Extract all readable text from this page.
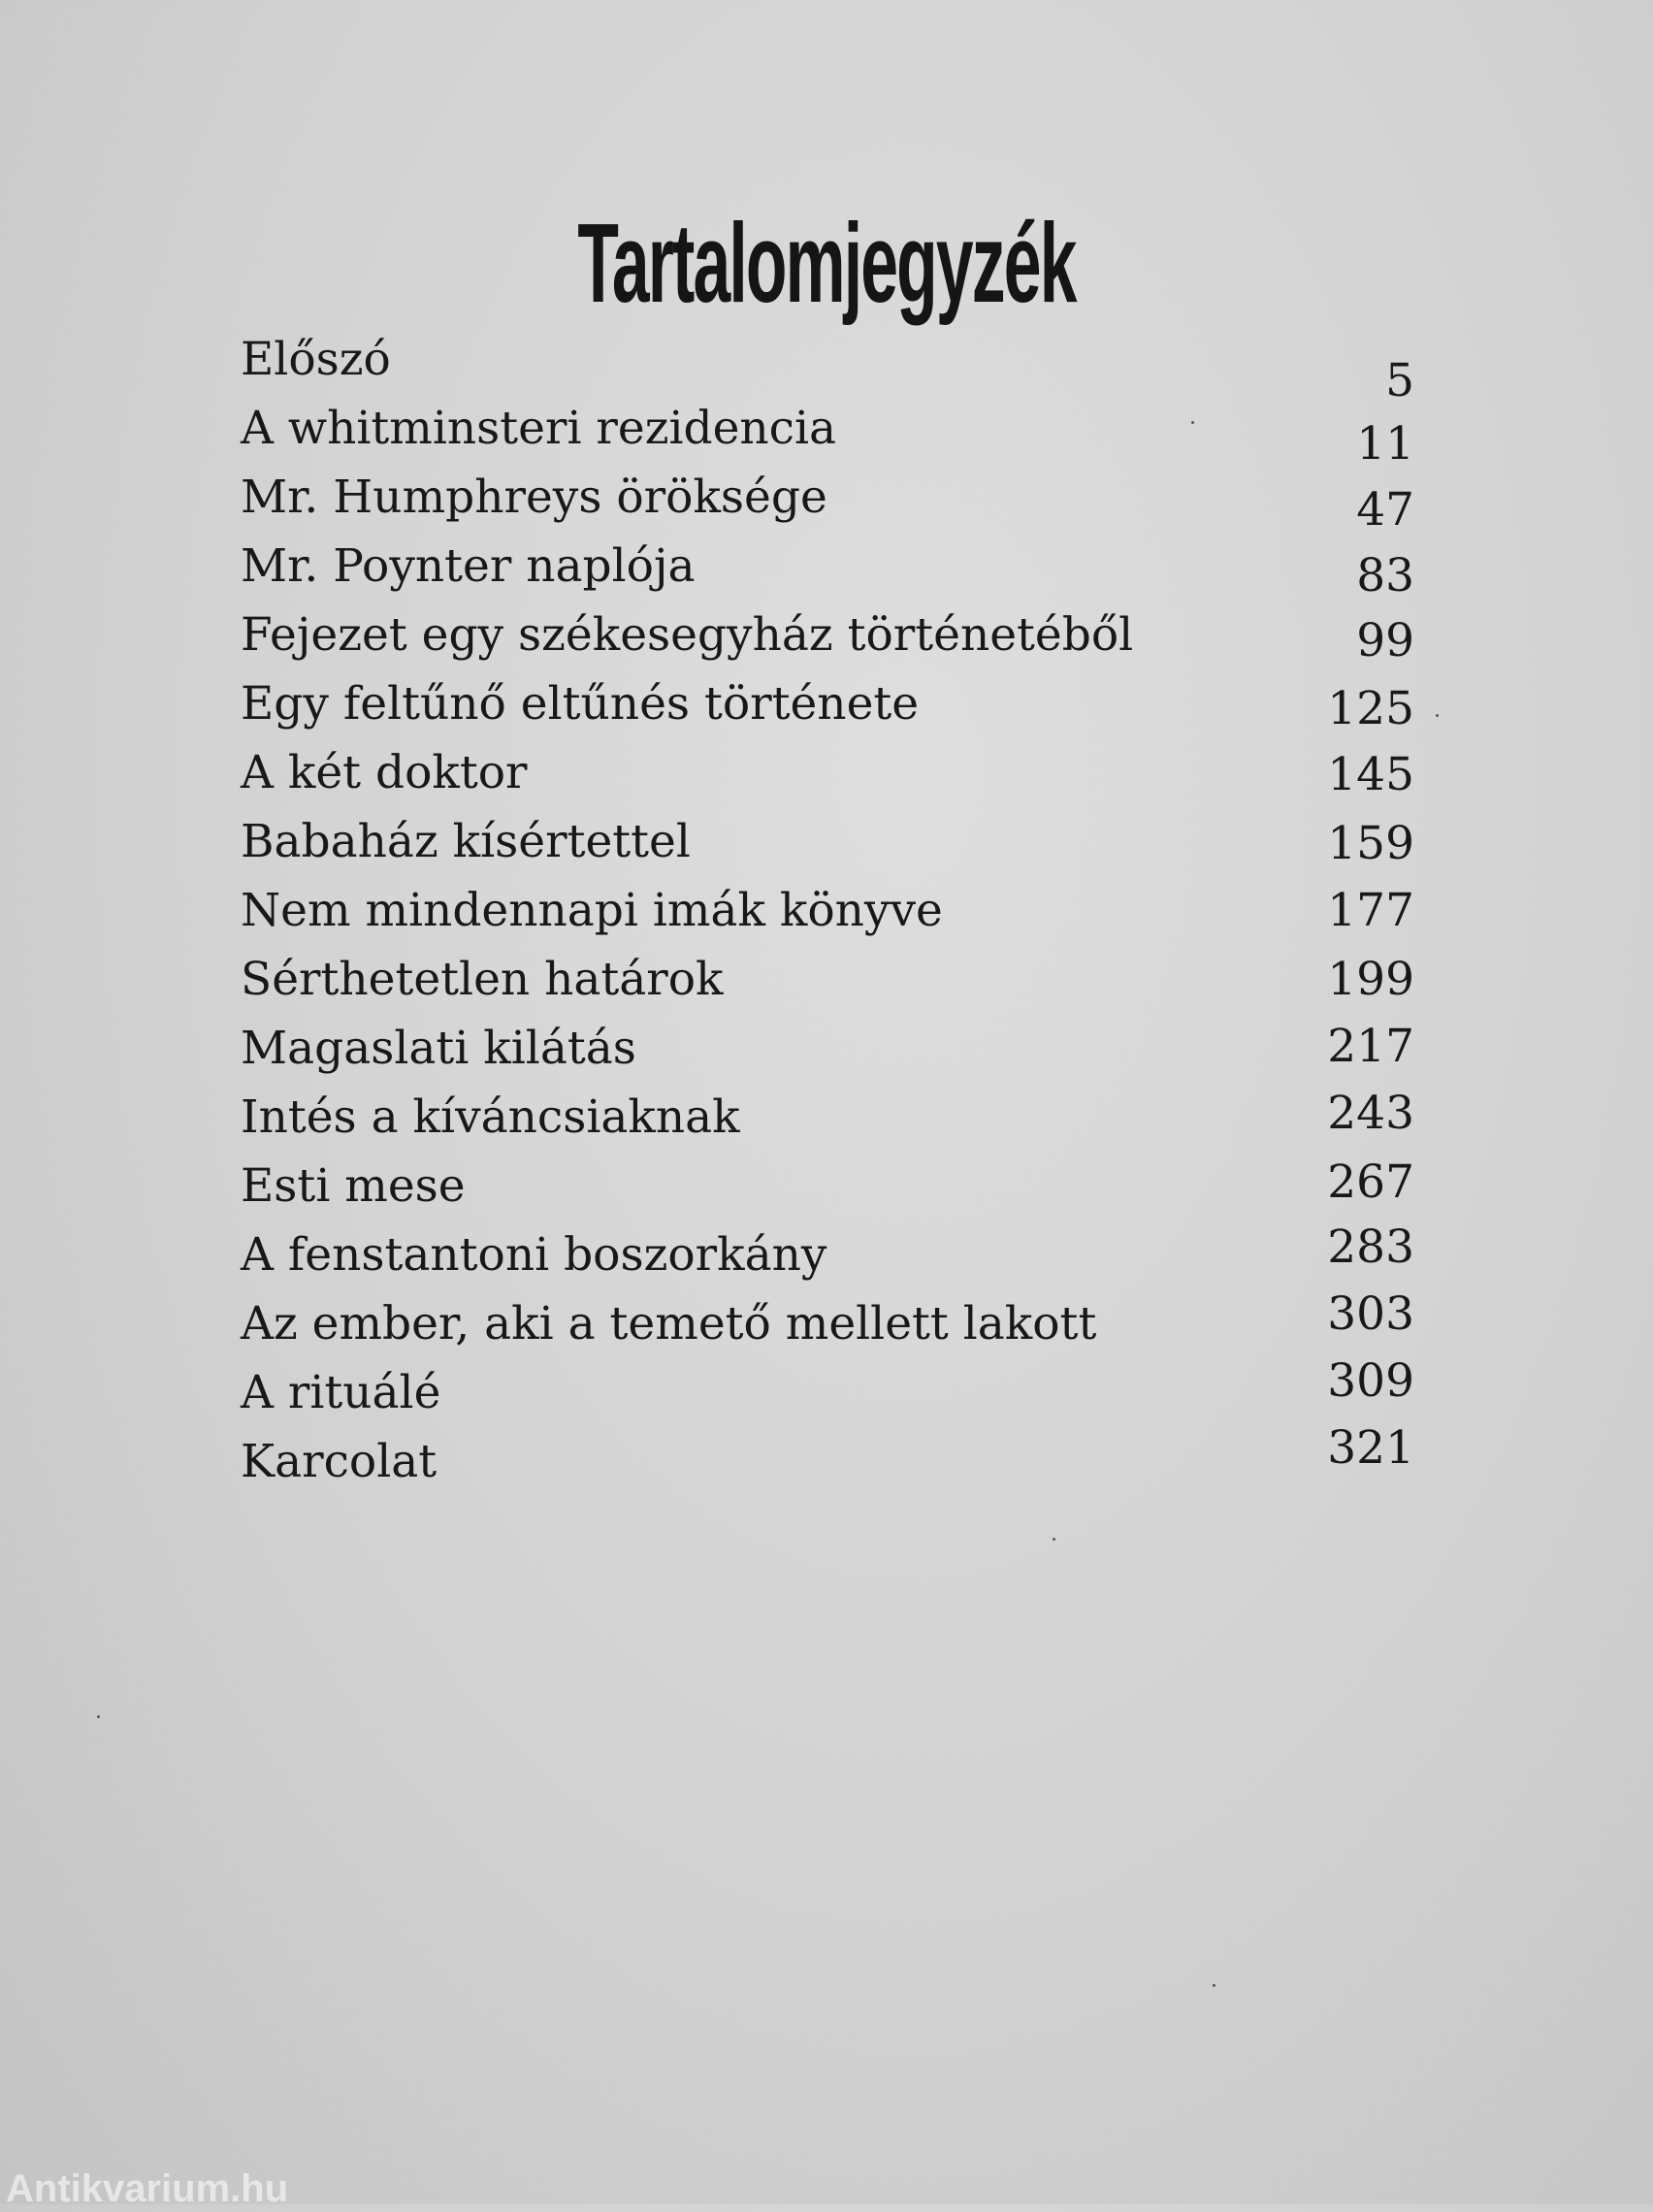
Tartalomjegyzék
Előszó	5
A whitminsteri rezidencia	11
Mr. Humphreys öröksége	47
Mr. Poynter naplója	83
Fejezet egy székesegyház történetéből	99
Egy feltűnő eltűnés története	125
A két doktor	145
Babaház kísértettel	159
Nem mindennapi imák könyve	177
Sérthetetlen határok	199
Magaslati kilátás	217
Intés a kíváncsiaknak	243
Esti mese	267
A fenstantoni boszorkány	283
Az ember, aki a temető mellett lakott	303
A rituálé	309
Karcolat	321
Antikvarium.hu
